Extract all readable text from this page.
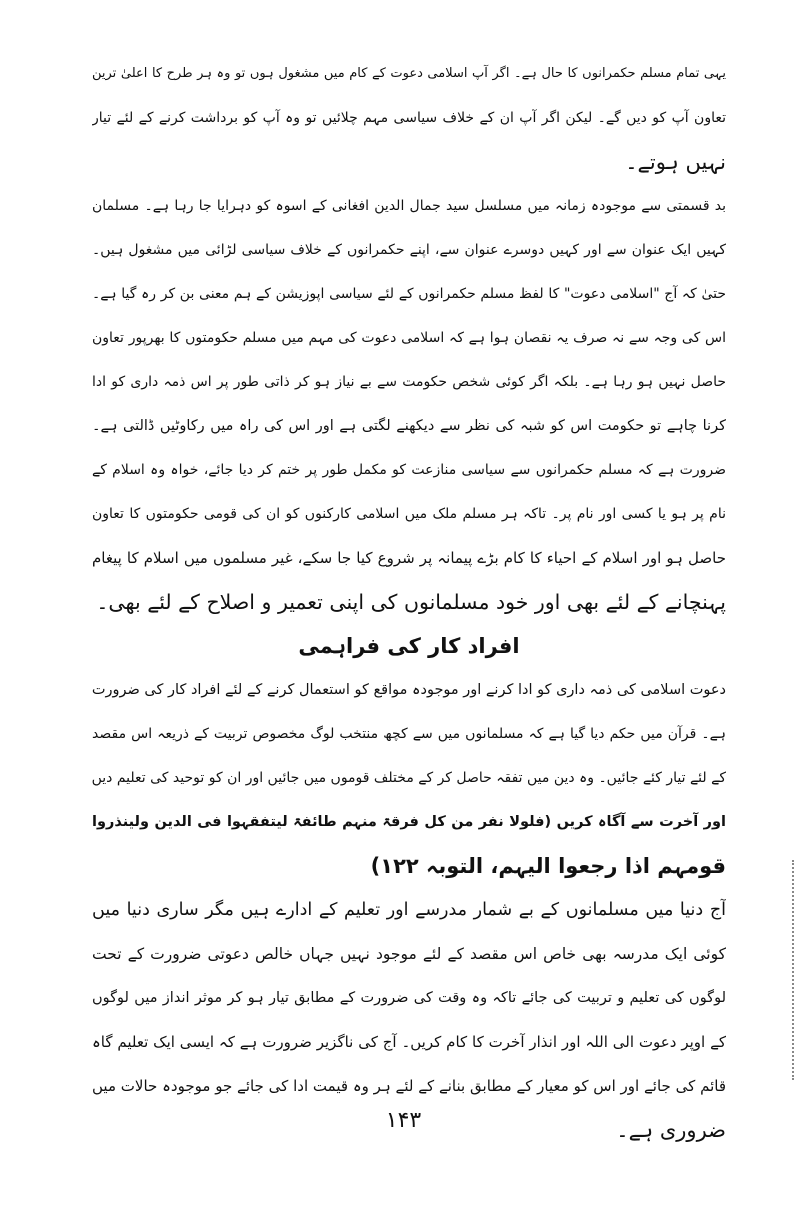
یہی تمام مسلم حکمرانوں کا حال ہے۔ اگر آپ اسلامی دعوت کے کام میں مشغول ہوں تو وہ ہر طرح کا اعلیٰ ترین
تعاون آپ کو دیں گے۔ لیکن اگر آپ ان کے خلاف سیاسی مہم چلائیں تو وہ آپ کو برداشت کرنے کے لئے تیار
نہیں ہوتے۔
بد قسمتی سے موجودہ زمانہ میں مسلسل سید جمال الدین افغانی کے اسوہ کو دہرایا جا رہا ہے۔ مسلمان
کہیں ایک عنوان سے اور کہیں دوسرے عنوان سے، اپنے حکمرانوں کے خلاف سیاسی لڑائی میں مشغول ہیں۔
حتیٰ کہ آج "اسلامی دعوت" کا لفظ مسلم حکمرانوں کے لئے سیاسی اپوزیشن کے ہم معنی بن کر رہ گیا ہے۔
اس کی وجہ سے نہ صرف یہ نقصان ہوا ہے کہ اسلامی دعوت کی مہم میں مسلم حکومتوں کا بھرپور تعاون
حاصل نہیں ہو رہا ہے۔ بلکہ اگر کوئی شخص حکومت سے بے نیاز ہو کر ذاتی طور پر اس ذمہ داری کو ادا
کرنا چاہے تو حکومت اس کو شبہ کی نظر سے دیکھنے لگتی ہے اور اس کی راہ میں رکاوٹیں ڈالتی ہے۔
ضرورت ہے کہ مسلم حکمرانوں سے سیاسی منازعت کو مکمل طور پر ختم کر دیا جائے، خواہ وہ اسلام کے
نام پر ہو یا کسی اور نام پر۔ تاکہ ہر مسلم ملک میں اسلامی کارکنوں کو ان کی قومی حکومتوں کا تعاون
حاصل ہو اور اسلام کے احیاء کا کام بڑے پیمانہ پر شروع کیا جا سکے، غیر مسلموں میں اسلام کا پیغام
پہنچانے کے لئے بھی اور خود مسلمانوں کی اپنی تعمیر و اصلاح کے لئے بھی۔
افراد کار کی فراہمی
دعوت اسلامی کی ذمہ داری کو ادا کرنے اور موجودہ مواقع کو استعمال کرنے کے لئے افراد کار کی ضرورت
ہے۔ قرآن میں حکم دیا گیا ہے کہ مسلمانوں میں سے کچھ منتخب لوگ مخصوص تربیت کے ذریعہ اس مقصد
کے لئے تیار کئے جائیں۔ وہ دین میں تفقہ حاصل کر کے مختلف قوموں میں جائیں اور ان کو توحید کی تعلیم دیں
اور آخرت سے آگاہ کریں (فلولا نفر من کل فرقۃ منہم طائفۃ لیتفقہوا فی الدین ولینذروا
قومہم اذا رجعوا الیہم، التوبہ ۱۲۲)
آج دنیا میں مسلمانوں کے بے شمار مدرسے اور تعلیم کے ادارے ہیں مگر ساری دنیا میں
کوئی ایک مدرسہ بھی خاص اس مقصد کے لئے موجود نہیں جہاں خالص دعوتی ضرورت کے تحت
لوگوں کی تعلیم و تربیت کی جائے تاکہ وہ وقت کی ضرورت کے مطابق تیار ہو کر موثر انداز میں لوگوں
کے اوپر دعوت الی اللہ اور انذار آخرت کا کام کریں۔ آج کی ناگزیر ضرورت ہے کہ ایسی ایک تعلیم گاہ
قائم کی جائے اور اس کو معیار کے مطابق بنانے کے لئے ہر وہ قیمت ادا کی جائے جو موجودہ حالات میں
ضروری ہے۔
۱۴۳
